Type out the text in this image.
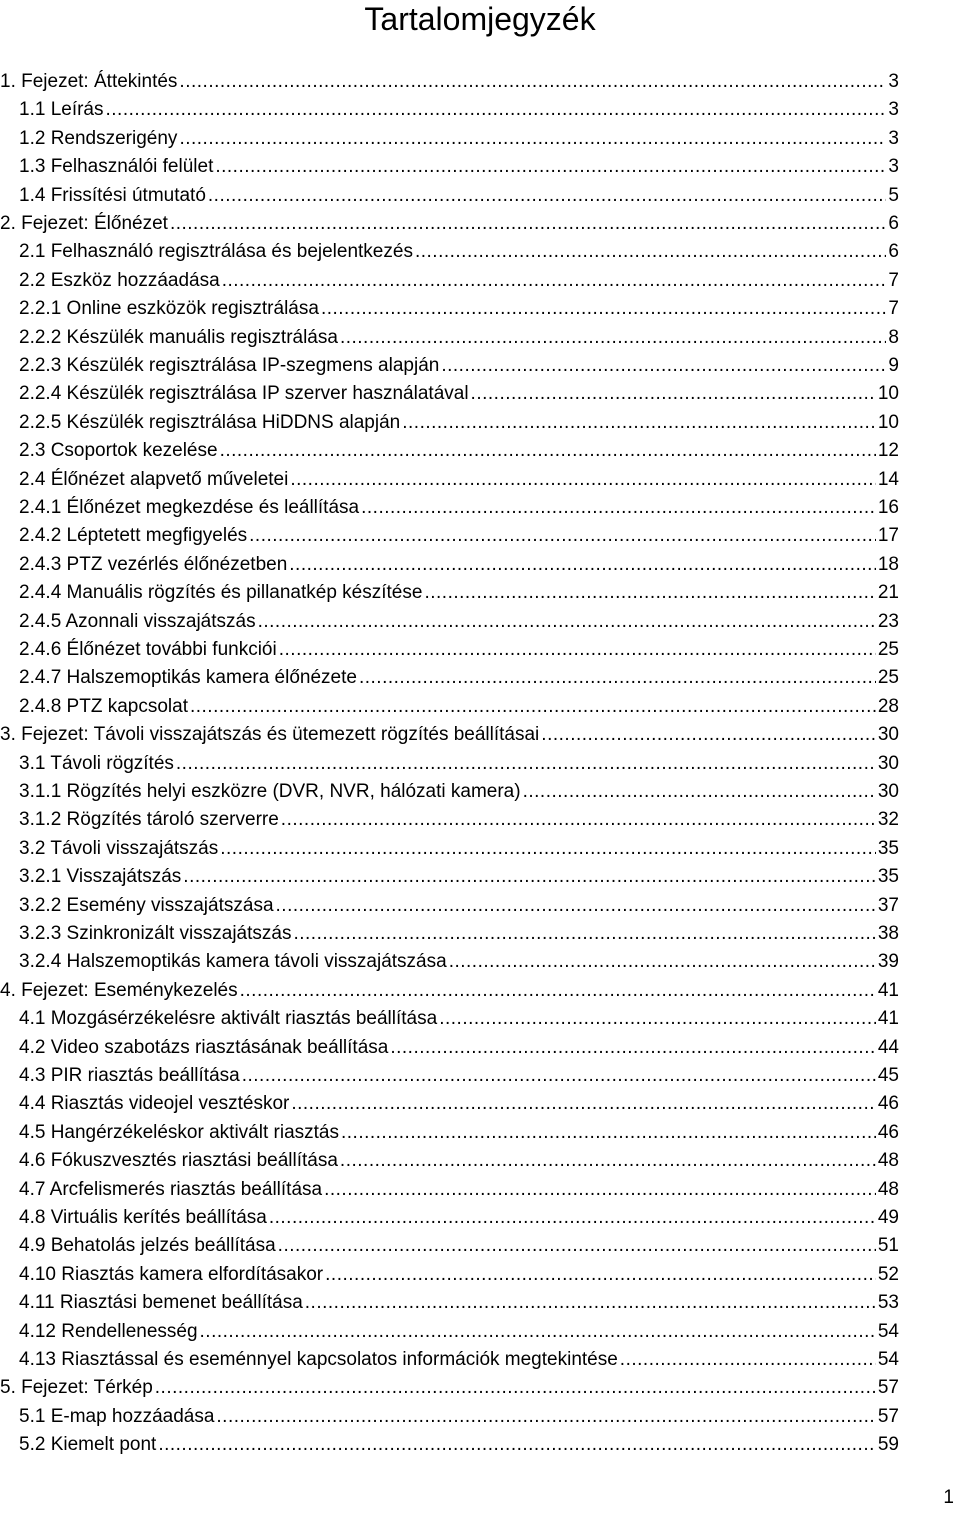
Tartalomjegyzék
1. Fejezet: Áttekintés .....	3
1.1 Leírás .....	3
1.2 Rendszerigény .....	3
1.3 Felhasználói felület .....	3
1.4 Frissítési útmutató .....	5
2. Fejezet: Élőnézet .....	6
2.1 Felhasználó regisztrálása és bejelentkezés .....	6
2.2 Eszköz hozzáadása .....	7
2.2.1 Online eszközök regisztrálása .....	7
2.2.2 Készülék manuális regisztrálása .....	8
2.2.3 Készülék regisztrálása IP-szegmens alapján .....	9
2.2.4 Készülék regisztrálása IP szerver használatával .....	10
2.2.5 Készülék regisztrálása HiDDNS alapján .....	10
2.3 Csoportok kezelése .....	12
2.4 Élőnézet alapvető műveletei .....	14
2.4.1 Élőnézet megkezdése és leállítása .....	16
2.4.2 Léptetett megfigyelés .....	17
2.4.3 PTZ vezérlés élőnézetben .....	18
2.4.4 Manuális rögzítés és pillanatkép készítése .....	21
2.4.5 Azonnali visszajátszás .....	23
2.4.6 Élőnézet további funkciói .....	25
2.4.7 Halszemoptikás kamera élőnézete .....	25
2.4.8 PTZ kapcsolat .....	28
3. Fejezet: Távoli visszajátszás és ütemezett rögzítés beállításai .....	30
3.1 Távoli rögzítés .....	30
3.1.1 Rögzítés helyi eszközre (DVR, NVR, hálózati kamera) .....	30
3.1.2 Rögzítés tároló szerverre .....	32
3.2 Távoli visszajátszás .....	35
3.2.1 Visszajátszás .....	35
3.2.2 Esemény visszajátszása .....	37
3.2.3 Szinkronizált visszajátszás .....	38
3.2.4 Halszemoptikás kamera távoli visszajátszása .....	39
4. Fejezet: Eseménykezelés .....	41
4.1 Mozgásérzékelésre aktivált riasztás beállítása .....	41
4.2 Video szabotázs riasztásának beállítása .....	44
4.3 PIR riasztás beállítása .....	45
4.4 Riasztás videojel vesztéskor .....	46
4.5 Hangérzékeléskor aktivált riasztás .....	46
4.6 Fókuszvesztés riasztási beállítása .....	48
4.7 Arcfelismerés riasztás beállítása .....	48
4.8 Virtuális kerítés beállítása .....	49
4.9 Behatolás jelzés beállítása .....	51
4.10 Riasztás kamera elfordításakor .....	52
4.11 Riasztási bemenet beállítása .....	53
4.12 Rendellenesség .....	54
4.13 Riasztással és eseménnyel kapcsolatos információk megtekintése .....	54
5. Fejezet: Térkép .....	57
5.1 E-map hozzáadása .....	57
5.2 Kiemelt pont .....	59
1
